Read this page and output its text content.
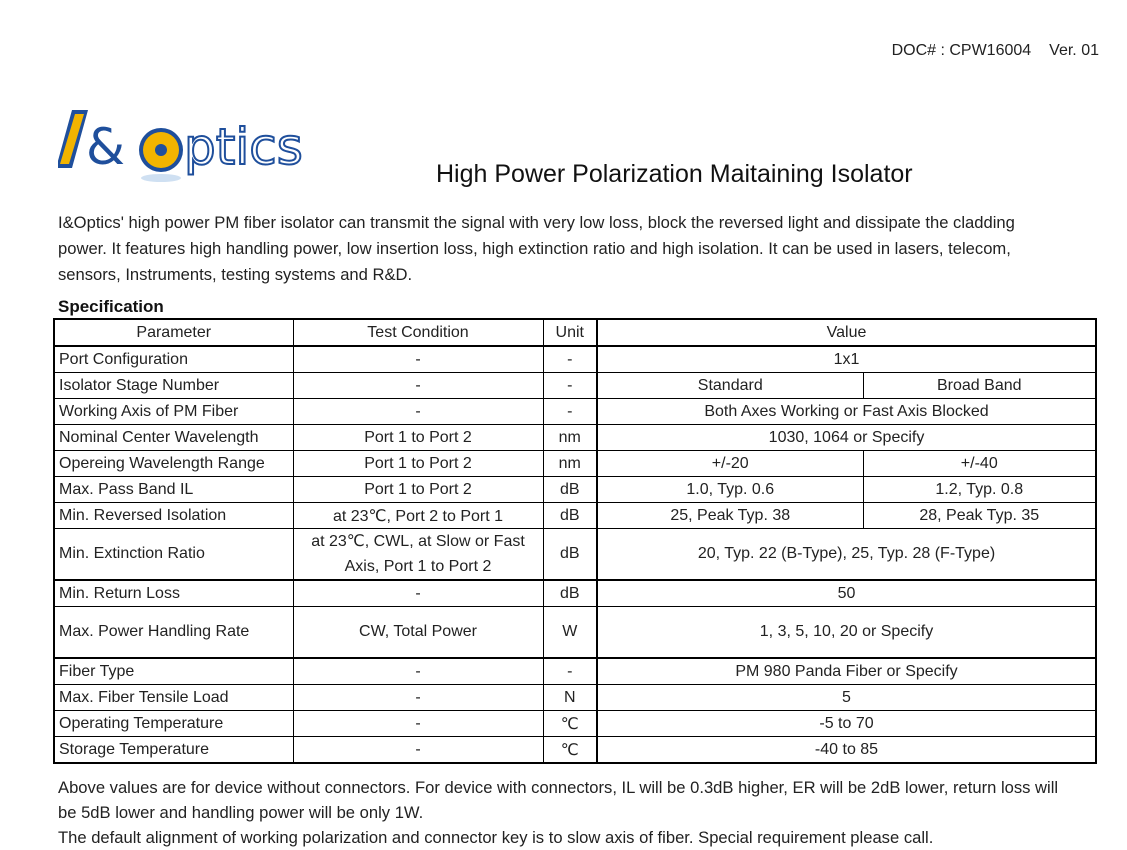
DOC# : CPW16004 Ver. 01
& ptics	High Power Polarization Maitaining Isolator

I&Optics' high power PM fiber isolator can transmit the signal with very low loss, block the reversed light and dissipate the cladding power. It features high handling power, low insertion loss, high extinction ratio and high isolation. It can be used in lasers, telecom, sensors, Instruments, testing systems and R&D.

Specification
Parameter	Test Condition	Unit	Value	
Port Configuration	-	-	1x1	
Isolator Stage Number	-	-	Standard	Broad Band
Working Axis of PM Fiber	-	-	Both Axes Working or Fast Axis Blocked	
Nominal Center Wavelength	Port 1 to Port 2	nm	1030, 1064 or Specify	
Opereing Wavelength Range	Port 1 to Port 2	nm	+/-20	+/-40
Max. Pass Band IL	Port 1 to Port 2	dB	1.0, Typ. 0.6	1.2, Typ. 0.8
Min. Reversed Isolation	at 23℃, Port 2 to Port 1	dB	25, Peak Typ. 38	28, Peak Typ. 35
Min. Extinction Ratio	at 23℃, CWL, at Slow or Fast
Axis, Port 1 to Port 2	dB	20, Typ. 22 (B-Type), 25, Typ. 28 (F-Type)	
Min. Return Loss	-	dB	50	
Max. Power Handling Rate	CW, Total Power	W	1, 3, 5, 10, 20 or Specify	
Fiber Type	-	-	PM 980 Panda Fiber or Specify	
Max. Fiber Tensile Load	-	N	5	
Operating Temperature	-	℃	-5 to 70	
Storage Temperature	-	℃	-40 to 85	

Above values are for device without connectors. For device with connectors, IL will be 0.3dB higher, ER will be 2dB lower, return loss will be 5dB lower and handling power will be only 1W.

The default alignment of working polarization and connector key is to slow axis of fiber. Special requirement please call.
